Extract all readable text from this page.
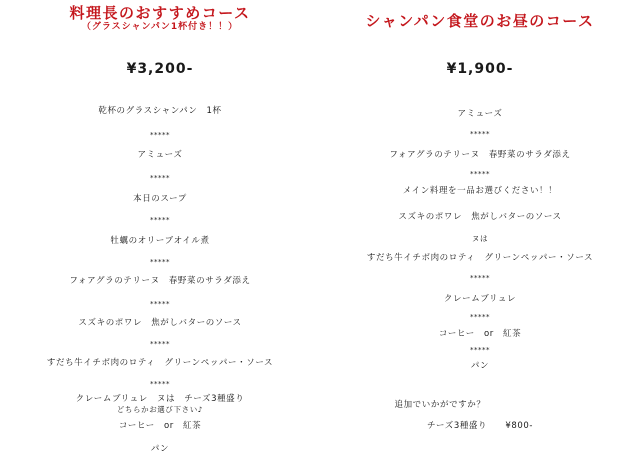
料理長のおすすめコース
（グラスシャンパン1杯付き！！）
¥3,200-
乾杯のグラスシャンパン　1杯
*****
アミューズ
*****
本日のスープ
*****
牡蠣のオリーブオイル煮
*****
フォアグラのテリーヌ　春野菜のサラダ添え
*****
スズキのポワレ　焦がしバターのソース
*****
すだち牛イチボ肉のロティ　グリーンペッパー・ソース
*****
クレームブリュレ　ヌは　チーズ3種盛り
どちらかお選び下さい♪
コーヒー　or　紅茶
パン
シャンパン食堂のお昼のコース
¥1,900-
アミューズ
*****
フォアグラのテリーヌ　春野菜のサラダ添え
*****
メイン料理を一品お選びください！！
スズキのポワレ　焦がしバターのソース
ヌは
すだち牛イチボ肉のロティ　グリーンペッパー・ソース
*****
クレームブリュレ
*****
コーヒー　or　紅茶
*****
パン
追加でいかがですか？
チーズ3種盛り　　¥800-
